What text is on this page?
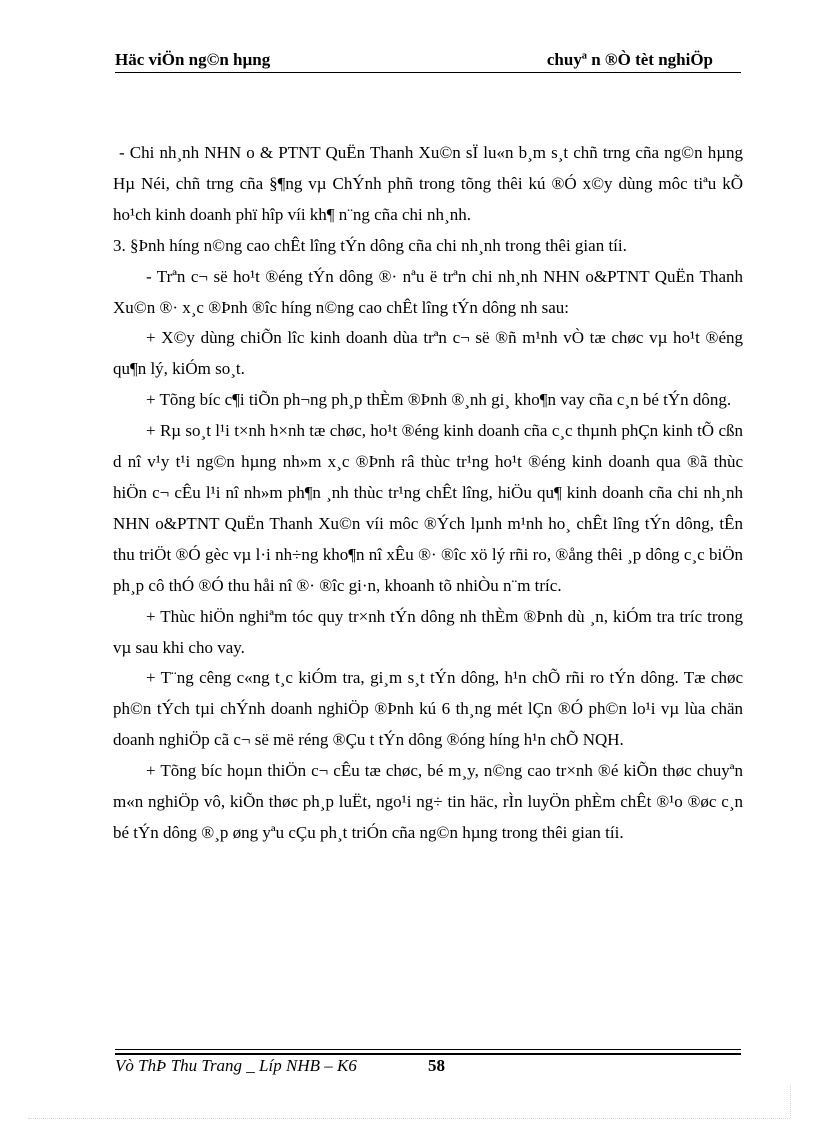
Häc viÖn ng©n hµng	chuyª n ®Ò tèt nghiÖp

- Chi nh¸nh NHN o & PTNT QuËn Thanh Xu©n sÏ lu«n b¸m s¸t chñ trng cña ng©n hµng Hµ Néi, chñ trng cña §¶ng vµ ChÝnh phñ trong tõng thêi kú ®Ó x©y dùng môc tiªu kÕ ho¹ch kinh doanh phï hîp víi kh¶ n¨ng cña chi nh¸nh.

3. §Þnh híng n©ng cao chÊt lîng tÝn dông cña chi nh¸nh trong thêi gian tíi.

- Trªn c¬ së ho¹t ®éng tÝn dông ®· nªu ë trªn chi nh¸nh NHN o&PTNT QuËn Thanh Xu©n ®· x¸c ®Þnh ®îc híng n©ng cao chÊt lîng tÝn dông nh sau:

+ X©y dùng chiÕn lîc kinh doanh dùa trªn c¬ së ®ñ m¹nh vÒ tæ chøc vµ ho¹t ®éng qu¶n lý, kiÓm so¸t.

+ Tõng bíc c¶i tiÕn ph¬ng ph¸p thÈm ®Þnh ®¸nh gi¸ kho¶n vay cña c¸n bé tÝn dông.

+ Rµ so¸t l¹i t×nh h×nh tæ chøc, ho¹t ®éng kinh doanh cña c¸c thµnh phÇn kinh tÕ cßn d nî v¹y t¹i ng©n hµng nh»m x¸c ®Þnh râ thùc tr¹ng ho¹t ®éng kinh doanh qua ®ã thùc hiÖn c¬ cÊu l¹i nî nh»m ph¶n ¸nh thùc tr¹ng chÊt lîng, hiÖu qu¶ kinh doanh cña chi nh¸nh NHN o&PTNT QuËn Thanh Xu©n víi môc ®Ých lµnh m¹nh ho¸ chÊt lîng tÝn dông, tÊn thu triÖt ®Ó gèc vµ l·i nh÷ng kho¶n nî xÊu ®· ®îc xö lý rñi ro, ®ång thêi ¸p dông c¸c biÖn ph¸p cô thÓ ®Ó thu håi nî ®· ®îc gi·n, khoanh tõ nhiÒu n¨m tríc.

+ Thùc hiÖn nghiªm tóc quy tr×nh tÝn dông nh thÈm ®Þnh dù ¸n, kiÓm tra tríc trong vµ sau khi cho vay.

+ T¨ng cêng c«ng t¸c kiÓm tra, gi¸m s¸t tÝn dông, h¹n chÕ rñi ro tÝn dông. Tæ chøc ph©n tÝch tµi chÝnh doanh nghiÖp ®Þnh kú 6 th¸ng mét lÇn ®Ó ph©n lo¹i vµ lùa chän doanh nghiÖp cã c¬ së më réng ®Çu t tÝn dông ®óng híng h¹n chÕ NQH.

+ Tõng bíc hoµn thiÖn c¬ cÊu tæ chøc, bé m¸y, n©ng cao tr×nh ®é kiÕn thøc chuyªn m«n nghiÖp vô, kiÕn thøc ph¸p luËt, ngo¹i ng÷ tin häc, rÌn luyÖn phÈm chÊt ®¹o ®øc c¸n bé tÝn dông ®¸p øng yªu cÇu ph¸t triÓn cña ng©n hµng trong thêi gian tíi.

Vò ThÞ Thu Trang _ Líp NHB – K6	58
